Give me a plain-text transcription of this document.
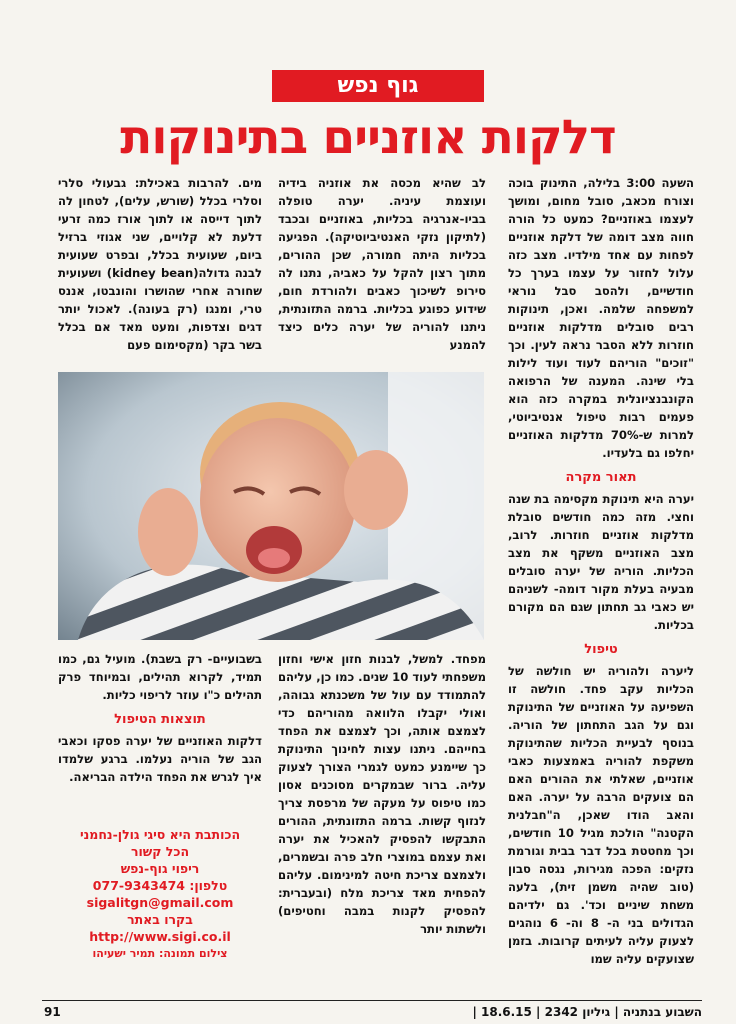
גוף נפש
דלקות אוזניים בתינוקות

השעה 3:00 בלילה, התינוק בוכה וצורח מכאב, סובל מחום, ומושך לעצמו באוזניים? כמעט כל הורה חווה מצב דומה של דלקת אוזניים לפחות עם אחד מילדיו. מצב כזה עלול לחזור על עצמו בערך כל חודשיים, ולהסב סבל נוראי למשפחה שלמה. ואכן, תינוקות רבים סובלים מדלקות אוזניים חוזרות ללא הסבר נראה לעין. וכך "זוכים" הוריהם לעוד ועוד לילות בלי שינה. המענה של הרפואה הקונבנציונלית במקרה כזה הוא פעמים רבות טיפול אנטיביוטי, למרות ש-70% מדלקות האוזניים יחלפו גם בלעדיו.

תאור מקרה

יערה היא תינוקת מקסימה בת שנה וחצי. מזה כמה חודשים סובלת מדלקות אוזניים חוזרות. לרוב, מצב האוזניים משקף את מצב הכליות. הוריה של יערה סובלים מבעיה בעלת מקור דומה- לשניהם יש כאבי גב תחתון שגם הם מקורם בכליות.

טיפול

ליערה ולהוריה יש חולשה של הכליות עקב פחד. חולשה זו השפיעה על האוזניים של התינוקת וגם על הגב התחתון של הוריה. בנוסף לבעיית הכליות שהתינוקת משקפת להוריה באמצעות כאבי אוזניים, שאלתי את ההורים האם הם צועקים הרבה על יערה. האם והאב הודו שאכן, ה"חבלנית הקטנה" הולכת מגיל 10 חודשים, וכך מחטטת בכל דבר בבית וגורמת נזקים: הפכה מגירות, נגסה סבון (טוב שהיה משמן זית), בלעה משחת שיניים וכד'. גם ילדיהם הגדולים בני ה- 8 וה- 6 נוהגים לצעוק עליה לעיתים קרובות. בזמן שצועקים עליה שמו

לב שהיא מכסה את אוזניה בידיה ועוצמת עיניה. יערה טופלה בביו-אנרגיה בכליות, באוזניים ובכבד (לתיקון נזקי האנטיביוטיקה). הפגיעה בכליות היתה חמורה, שכן ההורים, מתוך רצון להקל על כאביה, נתנו לה סירופ לשיכוך כאבים ולהורדת חום, שידוע כפוגע בכליות. ברמה התזונתית, ניתנו להוריה של יערה כלים כיצד להמנע

מים. להרבות באכילת: גבעולי סלרי וסלרי בכלל (שורש, עלים), לטחון לה לתוך דייסה או לתוך אורז כמה זרעי דלעת לא קלויים, שני אגוזי ברזיל ביום, שעועית בכלל, ובפרט שעועית לבנה גדולה(kidney bean) ושעועית שחורה אחרי שהושרו והונבטו, אננס טרי, ומנגו (רק בעונה). לאכול יותר דגים וצדפות, ומעט מאד אם בכלל בשר בקר (מקסימום פעם

מפחד. למשל, לבנות חזון אישי וחזון משפחתי לעוד 10 שנים. כמו כן, עליהם להתמודד עם עול של משכנתא גבוהה, ואולי יקבלו הלוואה מהוריהם כדי לצמצם אותה, וכך לצמצם את הפחד בחייהם. ניתנו עצות לחינוך התינוקת כך שיימנע כמעט לגמרי הצורך לצעוק עליה. ברור שבמקרים מסוכנים אסון כמו טיפוס על מעקה של מרפסת צריך לנזוף קשות. ברמה התזונתית, ההורים התבקשו להפסיק להאכיל את יערה ואת עצמם במוצרי חלב פרה ובשמרים, ולצמצם צריכת חיטה למינימום. עליהם להפחית מאד צריכת מלח (ובעברית: להפסיק לקנות במבה וחטיפים) ולשתות יותר

בשבועיים- רק בשבת). מועיל גם, כמו תמיד, לקרוא תהילים, ובמיוחד פרק תהילים כ"ו עוזר לריפוי כליות.

תוצאות הטיפול

דלקות האוזניים של יערה פסקו וכאבי הגב של הוריה נעלמו. ברגע שלמדו איך לגרש את הפחד הילדה הבריאה.

הכותבת היא סיגי גולן-נחמני
הכל קשור
ריפוי גוף-נפש
טלפון: 077-9343474
sigalitgn@gmail.com
בקרו באתר
http://www.sigi.co.il
צילום תמונה: תמיר ישעיהו
השבוע בנתניה | גיליון 2342 | 18.6.15 |
91
